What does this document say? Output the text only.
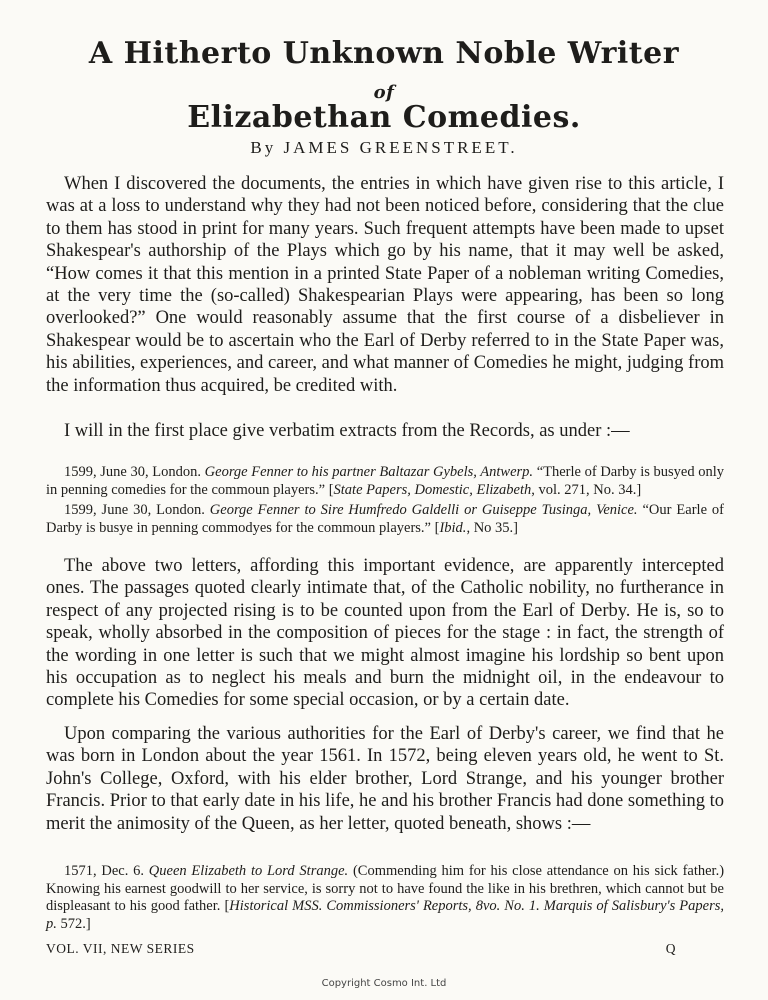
A Hitherto Unknown Noble Writer
of
Elizabethan Comedies.
By JAMES GREENSTREET.
When I discovered the documents, the entries in which have given rise to this article, I was at a loss to understand why they had not been noticed before, considering that the clue to them has stood in print for many years. Such frequent attempts have been made to upset Shakespear's authorship of the Plays which go by his name, that it may well be asked, “How comes it that this mention in a printed State Paper of a nobleman writing Comedies, at the very time the (so-called) Shakespearian Plays were appearing, has been so long overlooked?” One would reasonably assume that the first course of a disbeliever in Shakespear would be to ascertain who the Earl of Derby referred to in the State Paper was, his abilities, experiences, and career, and what manner of Comedies he might, judging from the information thus acquired, be credited with.
I will in the first place give verbatim extracts from the Records, as under :—
1599, June 30, London. George Fenner to his partner Baltazar Gybels, Antwerp. “Therle of Darby is busyed only in penning comedies for the commoun players.” [State Papers, Domestic, Elizabeth, vol. 271, No. 34.]
1599, June 30, London. George Fenner to Sire Humfredo Galdelli or Guiseppe Tusinga, Venice. “Our Earle of Darby is busye in penning commodyes for the commoun players.” [Ibid., No 35.]
The above two letters, affording this important evidence, are apparently intercepted ones. The passages quoted clearly intimate that, of the Catholic nobility, no furtherance in respect of any projected rising is to be counted upon from the Earl of Derby. He is, so to speak, wholly absorbed in the composition of pieces for the stage : in fact, the strength of the wording in one letter is such that we might almost imagine his lordship so bent upon his occupation as to neglect his meals and burn the midnight oil, in the endeavour to complete his Comedies for some special occasion, or by a certain date.
Upon comparing the various authorities for the Earl of Derby's career, we find that he was born in London about the year 1561. In 1572, being eleven years old, he went to St. John's College, Oxford, with his elder brother, Lord Strange, and his younger brother Francis. Prior to that early date in his life, he and his brother Francis had done something to merit the animosity of the Queen, as her letter, quoted beneath, shows :—
1571, Dec. 6. Queen Elizabeth to Lord Strange. (Commending him for his close attendance on his sick father.) Knowing his earnest goodwill to her service, is sorry not to have found the like in his brethren, which cannot but be displeasant to his good father. [Historical MSS. Commissioners' Reports, 8vo. No. 1. Marquis of Salisbury's Papers, p. 572.]
VOL. VII, NEW SERIES	Q
Copyright Cosmo Int. Ltd
